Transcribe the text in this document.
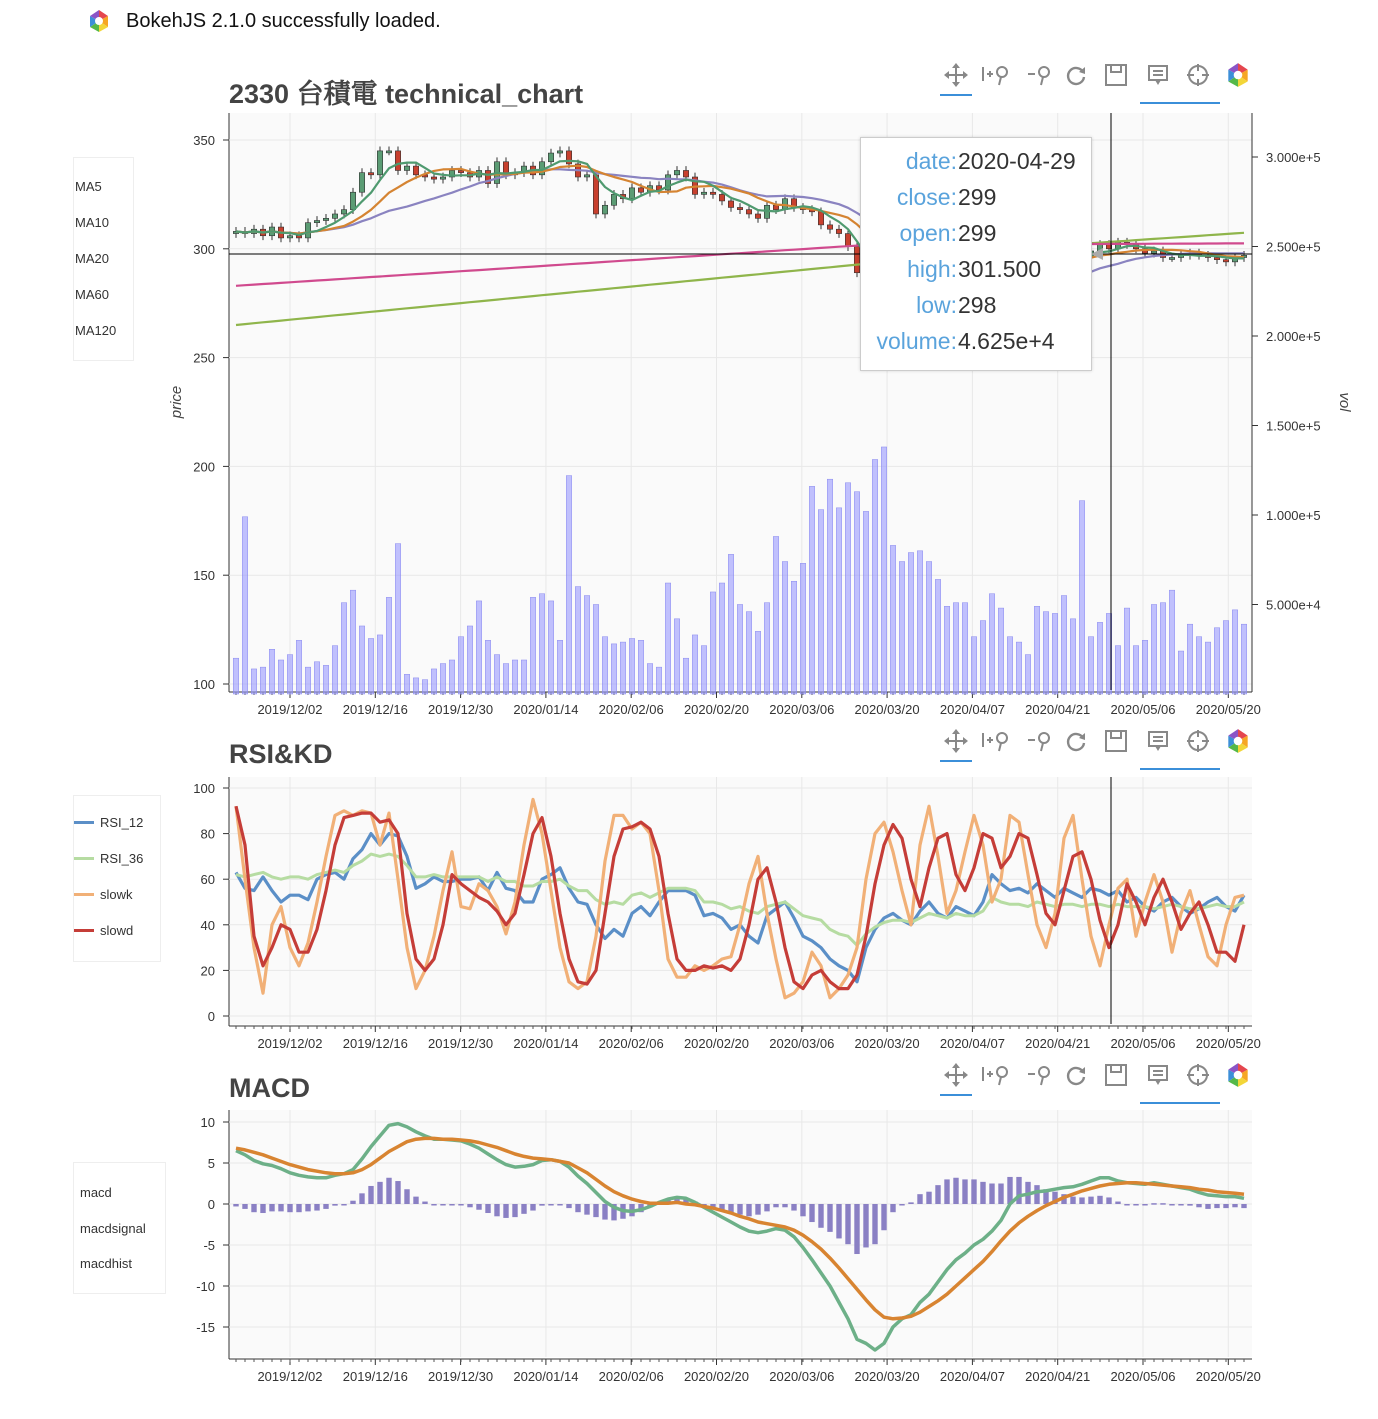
BokehJS 2.1.0 successfully loaded.
2330 台積電 technical_chart
RSI&KD
MACD
MA5
MA10
MA20
MA60
MA120
RSI_12
RSI_36
slowk
slowd
macd
macdsignal
macdhist
2019/12/02 2019/12/16 2019/12/30 2020/01/14 2020/02/06 2020/02/20 2020/03/06 2020/03/20 2020/04/07 2020/04/21 2020/05/06 2020/05/20
100
150
200
250
300
350
5.000e+4
1.000e+5
1.500e+5
2.000e+5
2.500e+5
3.000e+5
price	vol
2019/12/02 2019/12/16 2019/12/30 2020/01/14 2020/02/06 2020/02/20 2020/03/06 2020/03/20 2020/04/07 2020/04/21 2020/05/06 2020/05/20
0
20
40
60
80
100
2019/12/02 2019/12/16 2019/12/30 2020/01/14 2020/02/06 2020/02/20 2020/03/06 2020/03/20 2020/04/07 2020/04/21 2020/05/06 2020/05/20
-15
-10
-5
0
5
10
date: 2020-04-29
close: 299
open: 299
high: 301.500
low: 298
volume: 4.625e+4
